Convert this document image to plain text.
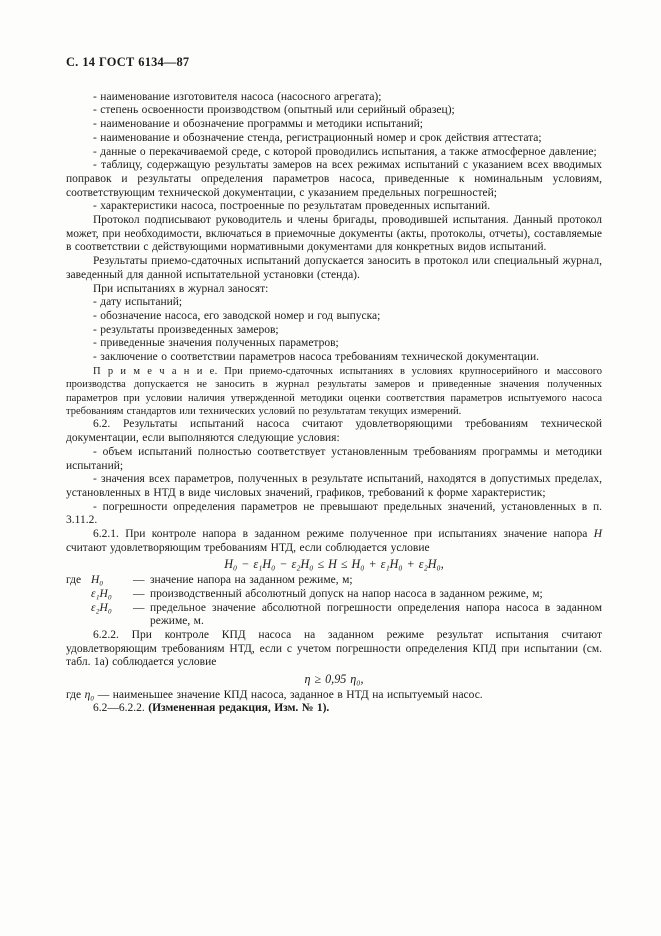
С. 14 ГОСТ 6134—87

- наименование изготовителя насоса (насосного агрегата);

- степень освоенности производством (опытный или серийный образец);

- наименование и обозначение программы и методики испытаний;

- наименование и обозначение стенда, регистрационный номер и срок действия аттестата;

- данные о перекачиваемой среде, с которой проводились испытания, а также атмосферное давление;

- таблицу, содержащую результаты замеров на всех режимах испытаний с указанием всех вводимых поправок и результаты определения параметров насоса, приведенные к номинальным условиям, соответствующим технической документации, с указанием предельных погрешностей;

- характеристики насоса, построенные по результатам проведенных испытаний.

Протокол подписывают руководитель и члены бригады, проводившей испытания. Данный протокол может, при необходимости, включаться в приемочные документы (акты, протоколы, отчеты), составляемые в соответствии с действующими нормативными документами для конкретных видов испытаний.

Результаты приемо-сдаточных испытаний допускается заносить в протокол или специальный журнал, заведенный для данной испытательной установки (стенда).

При испытаниях в журнал заносят:

- дату испытаний;

- обозначение насоса, его заводской номер и год выпуска;

- результаты произведенных замеров;

- приведенные значения полученных параметров;

- заключение о соответствии параметров насоса требованиям технической документации.

П р и м е ч а н и е. При приемо-сдаточных испытаниях в условиях крупносерийного и массового производства допускается не заносить в журнал результаты замеров и приведенные значения полученных параметров при условии наличия утвержденной методики оценки соответствия параметров испытуемого насоса требованиям стандартов или технических условий по результатам текущих измерений.

6.2. Результаты испытаний насоса считают удовлетворяющими требованиям технической документации, если выполняются следующие условия:

- объем испытаний полностью соответствует установленным требованиям программы и методики испытаний;

- значения всех параметров, полученных в результате испытаний, находятся в допустимых пределах, установленных в НТД в виде числовых значений, графиков, требований к форме характеристик;

- погрешности определения параметров не превышают предельных значений, установленных в п. 3.11.2.

6.2.1. При контроле напора в заданном режиме полученное при испытаниях значение напора H считают удовлетворяющим требованиям НТД, если соблюдается условие

H₀ − ε₁H₀ − ε₂H₀ ≤ H ≤ H₀ + ε₁H₀ + ε₂H₀,

где H₀	— значение напора на заданном режиме, м;
ε₁H₀	— производственный абсолютный допуск на напор насоса в заданном режиме, м;
ε₂H₀	— предельное значение абсолютной погрешности определения напора насоса в заданном режиме, м.

6.2.2. При контроле КПД насоса на заданном режиме результат испытания считают удовлетворяющим требованиям НТД, если с учетом погрешности определения КПД при испытании (см. табл. 1а) соблюдается условие

η ≥ 0,95 η₀,

где η₀ — наименьшее значение КПД насоса, заданное в НТД на испытуемый насос.

6.2—6.2.2. (Измененная редакция, Изм. № 1).
